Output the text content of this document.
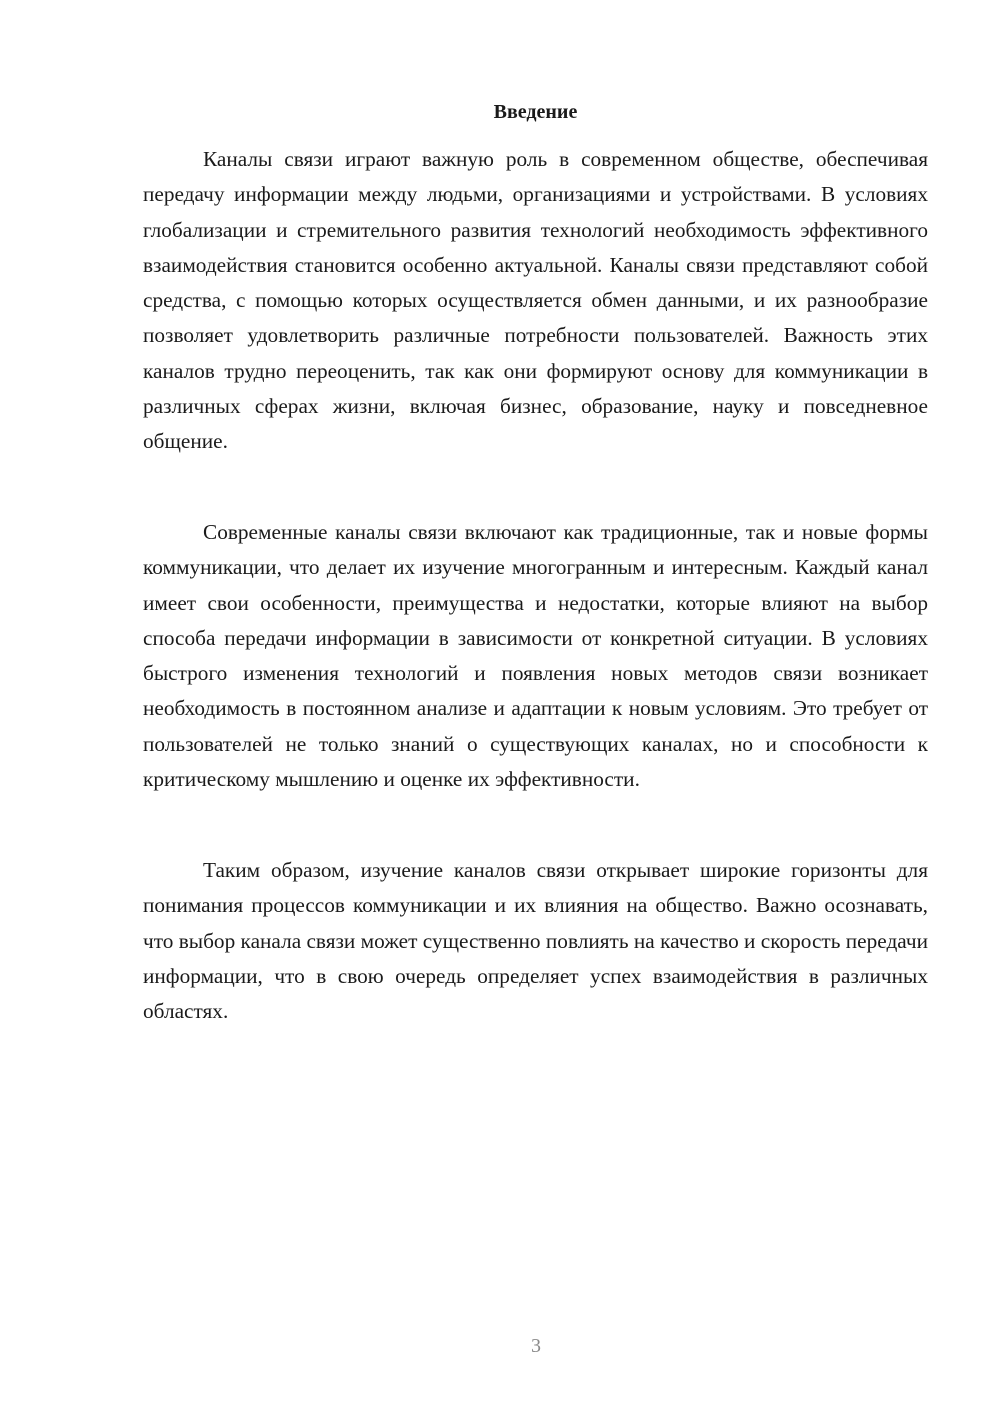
Введение

Каналы связи играют важную роль в современном обществе, обеспечивая передачу информации между людьми, организациями и устройствами. В условиях глобализации и стремительного развития технологий необходимость эффективного взаимодействия становится особенно актуальной. Каналы связи представляют собой средства, с помощью которых осуществляется обмен данными, и их разнообразие позволяет удовлетворить различные потребности пользователей. Важность этих каналов трудно переоценить, так как они формируют основу для коммуникации в различных сферах жизни, включая бизнес, образование, науку и повседневное общение.

Современные каналы связи включают как традиционные, так и новые формы коммуникации, что делает их изучение многогранным и интересным. Каждый канал имеет свои особенности, преимущества и недостатки, которые влияют на выбор способа передачи информации в зависимости от конкретной ситуации. В условиях быстрого изменения технологий и появления новых методов связи возникает необходимость в постоянном анализе и адаптации к новым условиям. Это требует от пользователей не только знаний о существующих каналах, но и способности к критическому мышлению и оценке их эффективности.

Таким образом, изучение каналов связи открывает широкие горизонты для понимания процессов коммуникации и их влияния на общество. Важно осознавать, что выбор канала связи может существенно повлиять на качество и скорость передачи информации, что в свою очередь определяет успех взаимодействия в различных областях.

3
